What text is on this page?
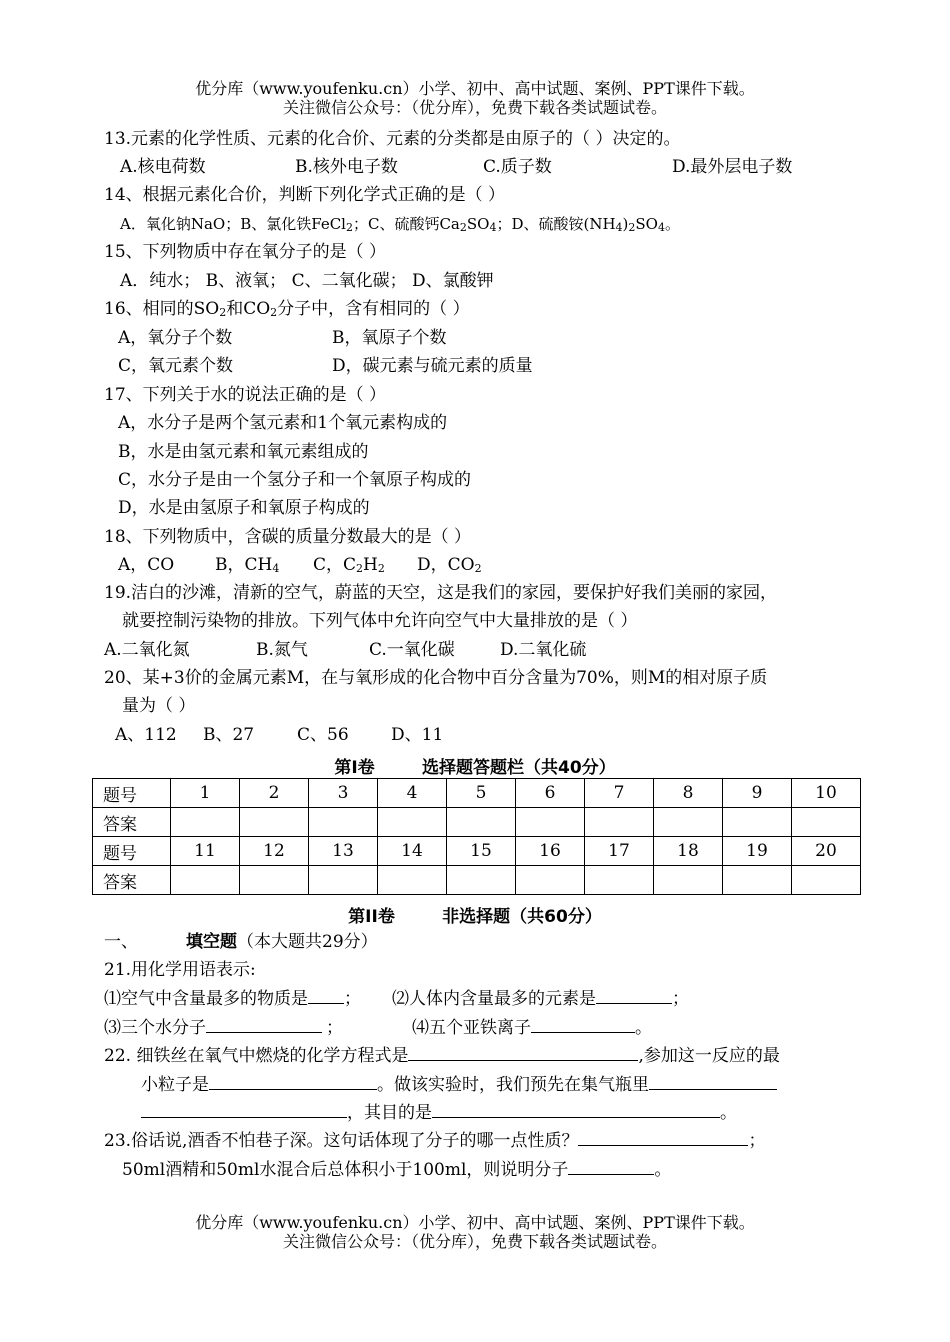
优分库（www.youfenku.cn）小学、初中、高中试题、案例、PPT课件下载。
关注微信公众号：（优分库），免费下载各类试题试卷。
13.元素的化学性质、元素的化合价、元素的分类都是由原子的（ ）决定的。
A.核电荷数	B.核外电子数	C.质子数	D.最外层电子数
14、根据元素化合价，判断下列化学式正确的是（ ）
A．氧化钠NaO；B、氯化铁FeCl$_2$；C、硫酸钙$Ca_2SO_4$；D、硫酸铵$(NH_4)_2SO_4$。
15、下列物质中存在氧分子的是（ ）
A．纯水； B、液氧； C、二氧化碳； D、氯酸钾
16、相同的$SO_2$和$CO_2$分子中，含有相同的（ ）
A，氧分子个数	B，氧原子个数
C，氧元素个数	D，碳元素与硫元素的质量
17、下列关于水的说法正确的是（ ）
A，水分子是两个氢元素和1个氧元素构成的
B，水是由氢元素和氧元素组成的
C，水分子是由一个氢分子和一个氧原子构成的
D，水是由氢原子和氧原子构成的
18、下列物质中，含碳的质量分数最大的是（ ）
A，CO B，$CH_4$ C，$C_2H_2$ D，$CO_2$
19.洁白的沙滩，清新的空气，蔚蓝的天空，这是我们的家园，要保护好我们美丽的家园，
就要控制污染物的排放。下列气体中允许向空气中大量排放的是（ ）
A.二氧化氮	B.氮气	C.一氧化碳	D.二氧化硫
20、某+3价的金属元素M，在与氧形成的化合物中百分含量为70%，则M的相对原子质
量为（ ）
A、112 B、27	C、56 D、11
第Ⅰ卷        选择题答题栏（共40分）
题号	1	2	3	4	5	6	7	8	9	10
答案										
题号	11	12	13	14	15	16	17	18	19	20
答案										
第II卷        非选择题（共60分）
一、	填空题（本大题共29分）
21.用化学用语表示:
⑴空气中含量最多的物质是 ； ⑵人体内含量最多的元素是	；
⑶三个水分子	；	⑷五个亚铁离子	。
22. 细铁丝在氧气中燃烧的化学方程式是	,参加这一反应的最
小粒子是	。做该实验时，我们预先在集气瓶里
，其目的是	。
23.俗话说,酒香不怕巷子深。这句话体现了分子的哪一点性质？	；
50ml酒精和50ml水混合后总体积小于100ml，则说明分子	。
优分库（www.youfenku.cn）小学、初中、高中试题、案例、PPT课件下载。
关注微信公众号：（优分库），免费下载各类试题试卷。
